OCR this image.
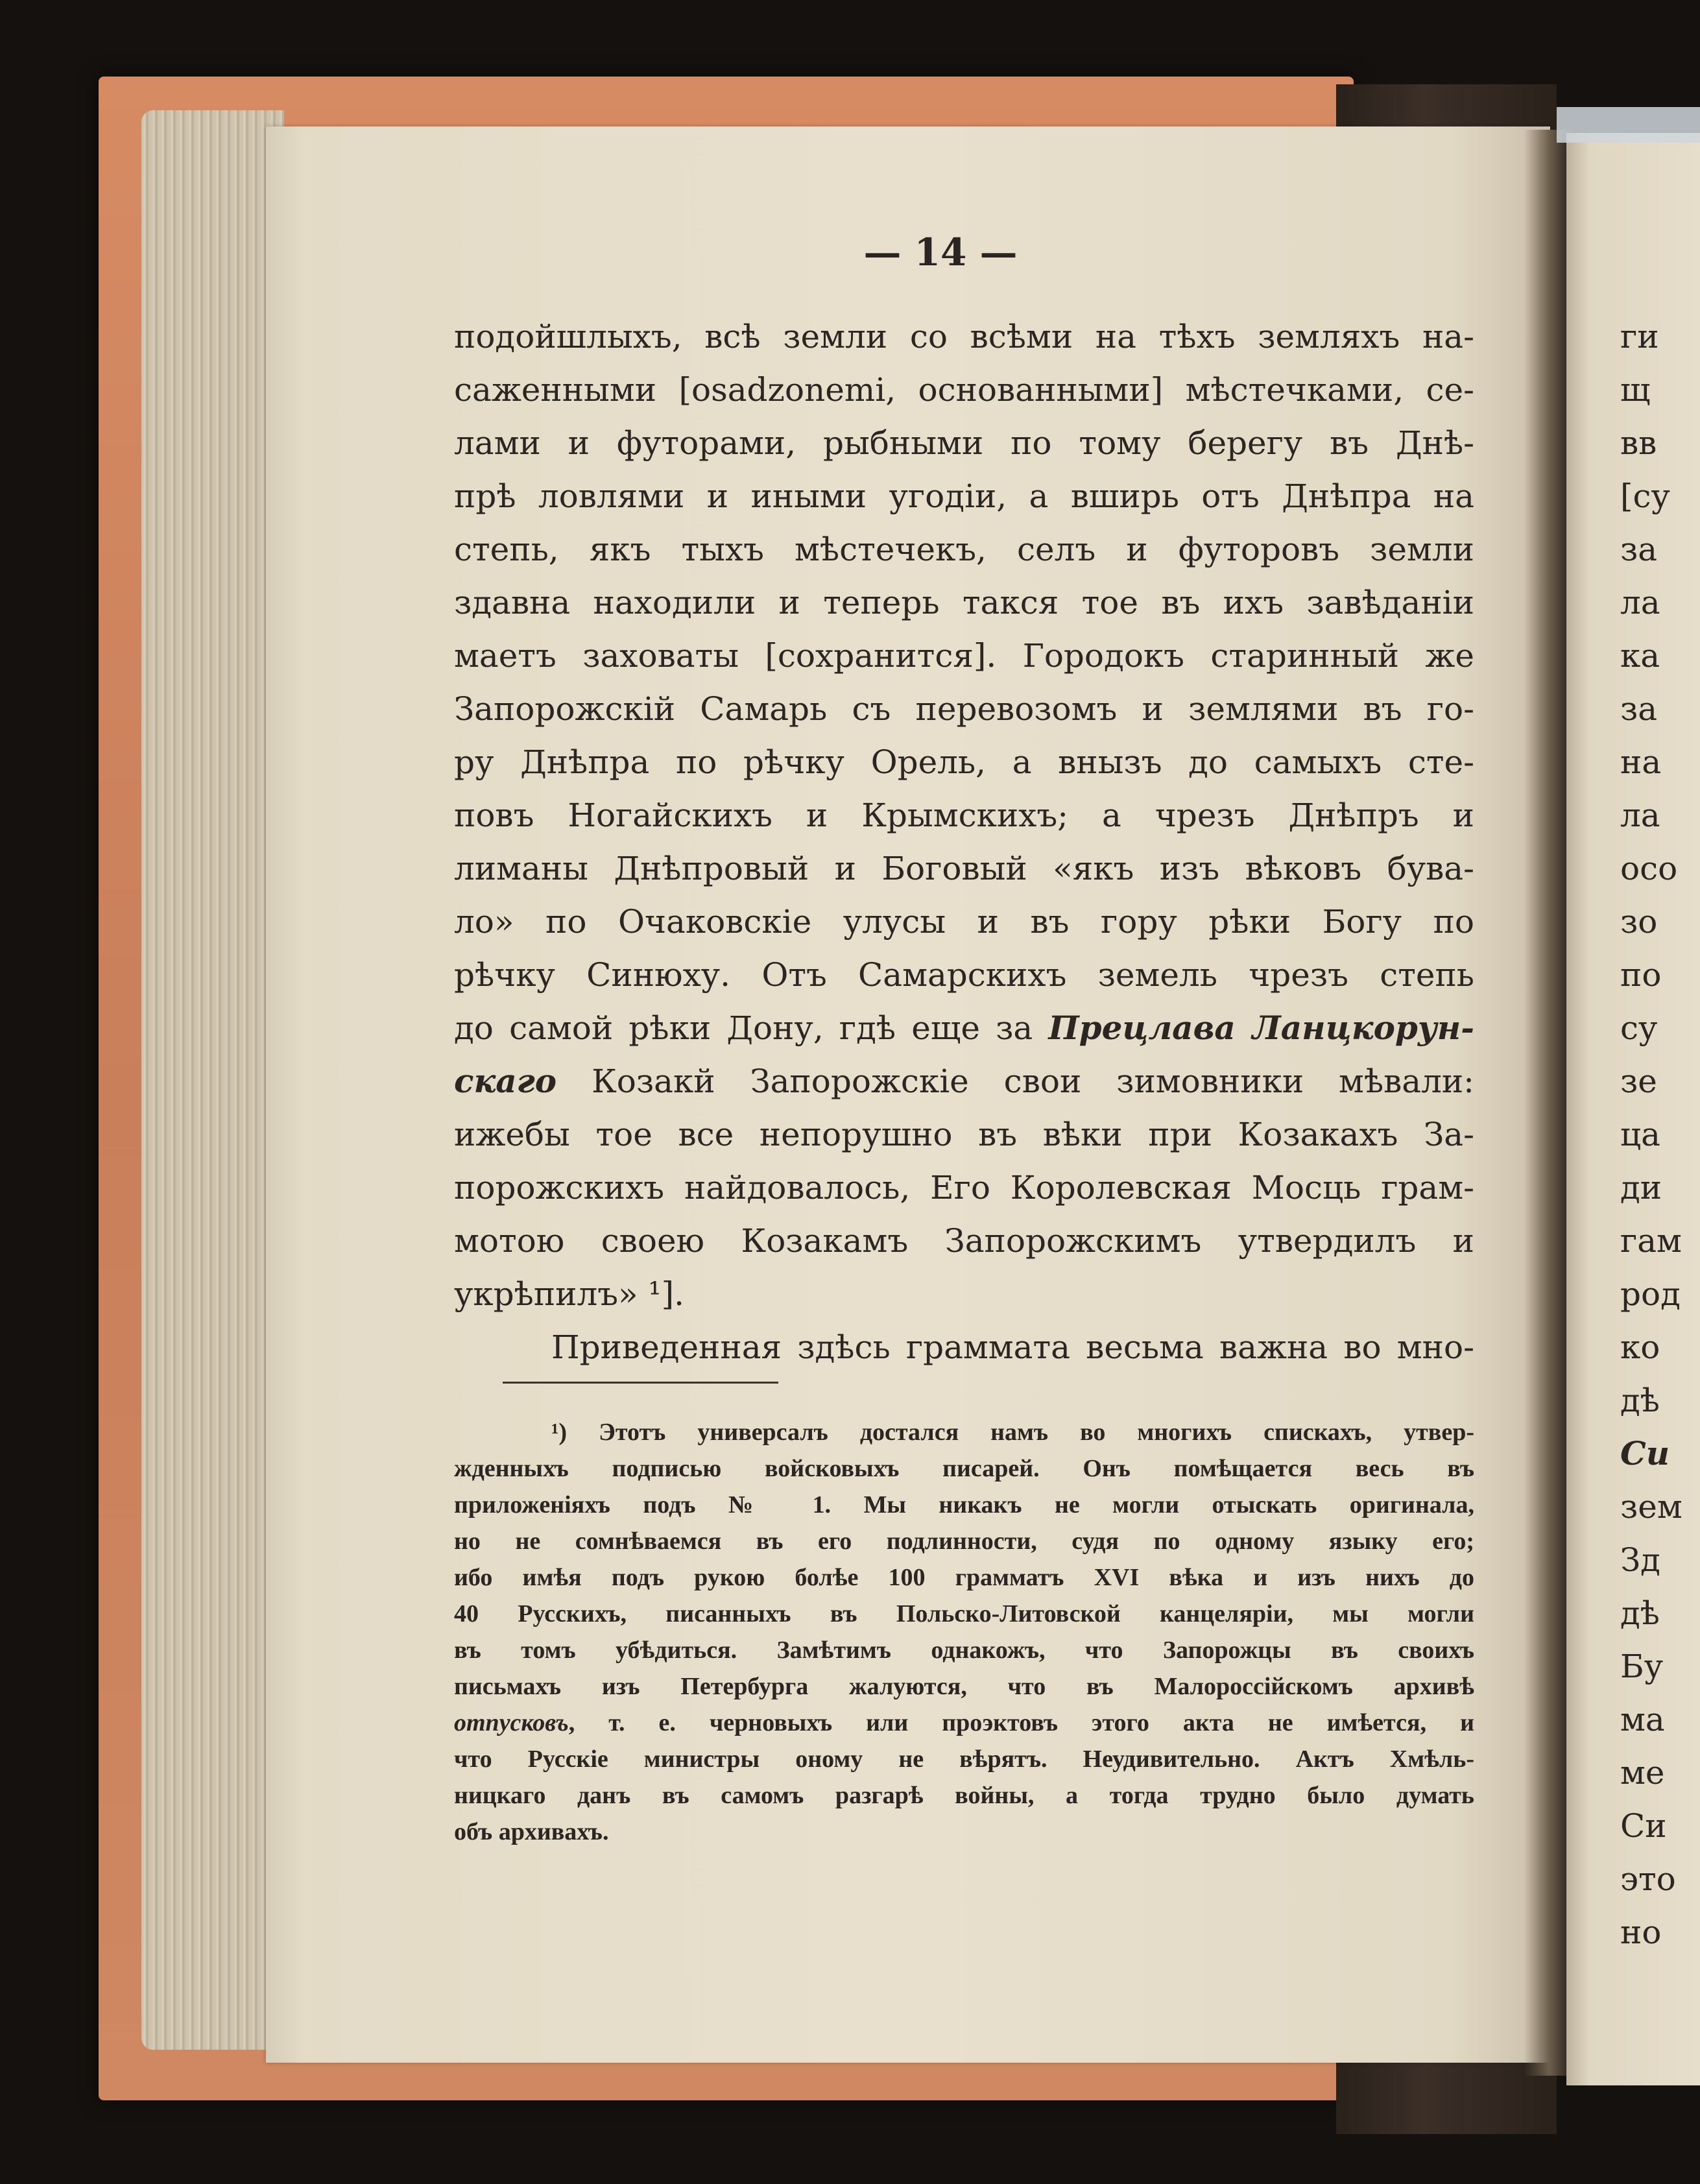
— 14 —
подойшлыхъ, всѣ земли со всѣми на тѣхъ земляхъ на-
саженными [osadzonemi, основанными] мѣстечками, се-
лами и футорами, рыбными по тому берегу въ Днѣ-
прѣ ловлями и иными угодіи, а вширь отъ Днѣпра на
степь, якъ тыхъ мѣстечекъ, селъ и футоровъ земли
здавна находили и теперь такся тое въ ихъ завѣданіи
маетъ заховаты [сохранится]. Городокъ старинный же
Запорожскій Самарь съ перевозомъ и землями въ го-
ру Днѣпра по рѣчку Орель, а внызъ до самыхъ сте-
повъ Ногайскихъ и Крымскихъ; а чрезъ Днѣпръ и
лиманы Днѣпровый и Боговый «якъ изъ вѣковъ бува-
ло» по Очаковскіе улусы и въ гору рѣки Богу по
рѣчку Синюху. Отъ Самарскихъ земель чрезъ степь
до самой рѣки Дону, гдѣ еще за Прецлава Ланцкорун-
скаго Козакй Запорожскіе свои зимовники мѣвали:
ижебы тое все непорушно въ вѣки при Козакахъ За-
порожскихъ найдовалось, Его Королевская Мосць грам-
мотою своею Козакамъ Запорожскимъ утвердилъ и
укрѣпилъ» ¹].
Приведенная здѣсь граммата весьма важна во мно-
¹) Этотъ универсалъ достался намъ во многихъ спискахъ, утвер-
жденныхъ подписью войсковыхъ писарей. Онъ помѣщается весь въ
приложеніяхъ подъ № 1. Мы никакъ не могли отыскать оригинала,
но не сомнѣваемся въ его подлинности, судя по одному языку его;
ибо имѣя подъ рукою болѣе 100 грамматъ XVI вѣка и изъ нихъ до
40 Русскихъ, писанныхъ въ Польско-Литовской канцеляріи, мы могли
въ томъ убѣдиться. Замѣтимъ однакожъ, что Запорожцы въ своихъ
письмахъ изъ Петербурга жалуются, что въ Малороссійскомъ архивѣ
отпусковъ, т. е. черновыхъ или проэктовъ этого акта не имѣется, и
что Русскіе министры оному не вѣрятъ. Неудивительно. Актъ Хмѣль-
ницкаго данъ въ самомъ разгарѣ войны, а тогда трудно было думать
объ архивахъ.
ги
щ
вв
[су
за
ла
ка
за
на
ла
осо
зо
по
су
зе
ца
ди
гам
род
ко
дѣ
Си
зем
Зд
дѣ
Бу
ма
ме
Си
это
но
